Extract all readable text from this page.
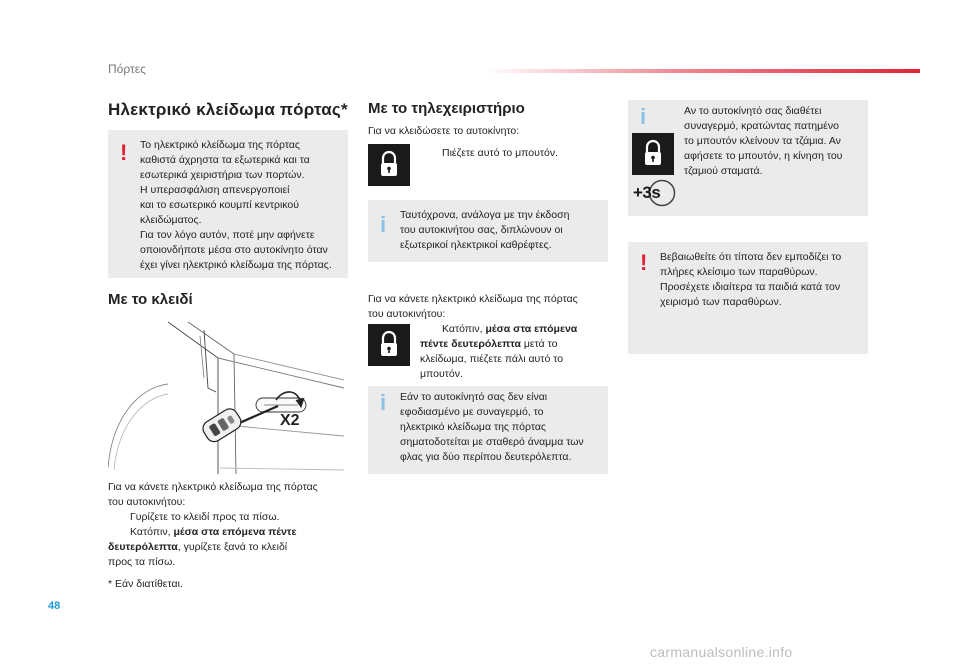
Πόρτες
Ηλεκτρικό κλείδωμα πόρτας*
! Το ηλεκτρικό κλείδωμα της πόρτας
καθιστά άχρηστα τα εξωτερικά και τα
εσωτερικά χειριστήρια των πορτών.
Η υπερασφάλιση απενεργοποιεί
και το εσωτερικό κουμπί κεντρικού
κλειδώματος.
Για τον λόγο αυτόν, ποτέ μην αφήνετε
οποιονδήποτε μέσα στο αυτοκίνητο όταν
έχει γίνει ηλεκτρικό κλείδωμα της πόρτας.
Με το κλειδί
X2
Για να κάνετε ηλεκτρικό κλείδωμα της πόρτας
του αυτοκινήτου:
Γυρίζετε το κλειδί προς τα πίσω.
Κατόπιν, μέσα στα επόμενα πέντε
δευτερόλεπτα, γυρίζετε ξανά το κλειδί
προς τα πίσω.
* Εάν διατίθεται.
Με το τηλεχειριστήριο
Για να κλειδώσετε το αυτοκίνητο:
Πιέζετε αυτό το μπουτόν.
i Ταυτόχρονα, ανάλογα με την έκδοση
του αυτοκινήτου σας, διπλώνουν οι
εξωτερικοί ηλεκτρικοί καθρέφτες.
Για να κάνετε ηλεκτρικό κλείδωμα της πόρτας
του αυτοκινήτου:
Κατόπιν, μέσα στα επόμενα
πέντε δευτερόλεπτα μετά το
κλείδωμα, πιέζετε πάλι αυτό το
μπουτόν.
i Εάν το αυτοκίνητό σας δεν είναι
εφοδιασμένο με συναγερμό, το
ηλεκτρικό κλείδωμα της πόρτας
σηματοδοτείται με σταθερό άναμμα των
φλας για δύο περίπου δευτερόλεπτα.
i	Αν το αυτοκίνητό σας διαθέτει
συναγερμό, κρατώντας πατημένο
το μπουτόν κλείνουν τα τζάμια. Αν
αφήσετε το μπουτόν, η κίνηση του
τζαμιού σταματά.
+3s
! Βεβαιωθείτε ότι τίποτα δεν εμποδίζει το
πλήρες κλείσιμο των παραθύρων.
Προσέχετε ιδιαίτερα τα παιδιά κατά τον
χειρισμό των παραθύρων.
48
carmanualsonline.info
